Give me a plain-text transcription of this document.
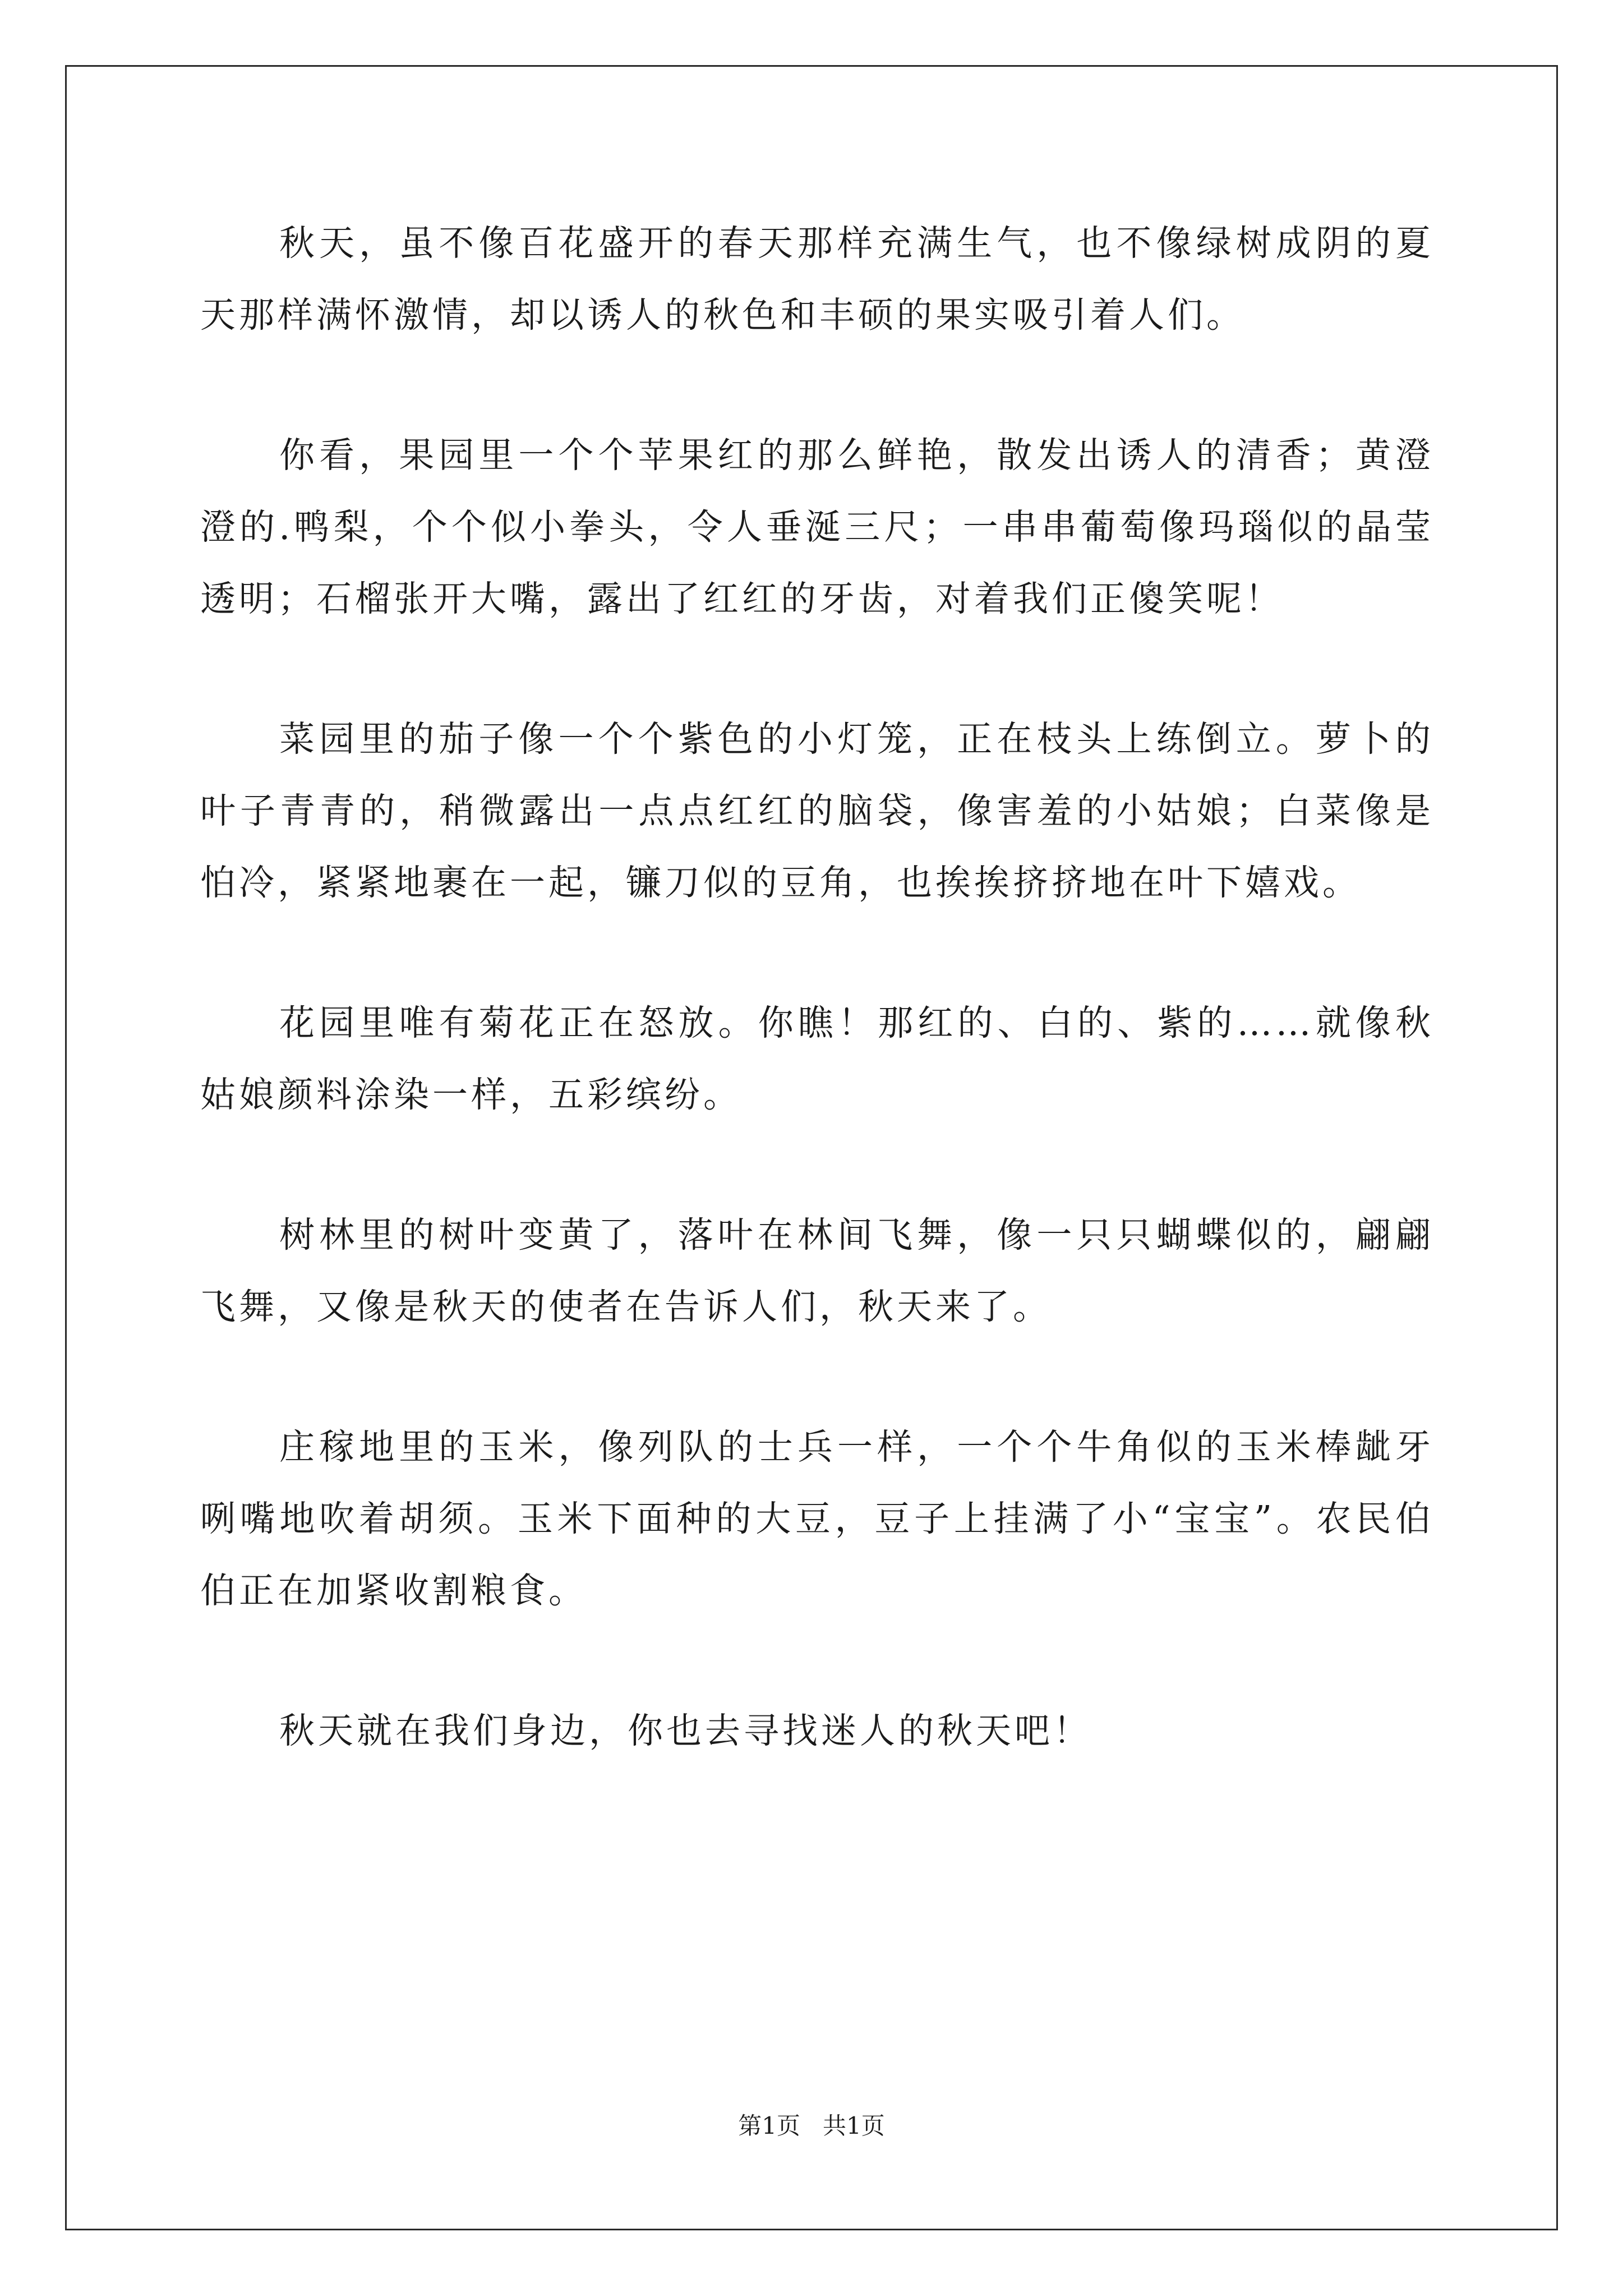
秋天，虽不像百花盛开的春天那样充满生气，也不像绿树成阴的夏天那样满怀激情，却以诱人的秋色和丰硕的果实吸引着人们。

你看，果园里一个个苹果红的那么鲜艳，散发出诱人的清香；黄澄澄的.鸭梨，个个似小拳头，令人垂涎三尺；一串串葡萄像玛瑙似的晶莹透明；石榴张开大嘴，露出了红红的牙齿，对着我们正傻笑呢！

菜园里的茄子像一个个紫色的小灯笼，正在枝头上练倒立。萝卜的叶子青青的，稍微露出一点点红红的脑袋，像害羞的小姑娘；白菜像是怕冷，紧紧地裹在一起，镰刀似的豆角，也挨挨挤挤地在叶下嬉戏。

花园里唯有菊花正在怒放。你瞧！那红的、白的、紫的……就像秋姑娘颜料涂染一样，五彩缤纷。

树林里的树叶变黄了，落叶在林间飞舞，像一只只蝴蝶似的，翩翩飞舞，又像是秋天的使者在告诉人们，秋天来了。

庄稼地里的玉米，像列队的士兵一样，一个个牛角似的玉米棒龇牙咧嘴地吹着胡须。玉米下面种的大豆，豆子上挂满了小“宝宝”。农民伯伯正在加紧收割粮食。

秋天就在我们身边，你也去寻找迷人的秋天吧！

第1页   共1页
